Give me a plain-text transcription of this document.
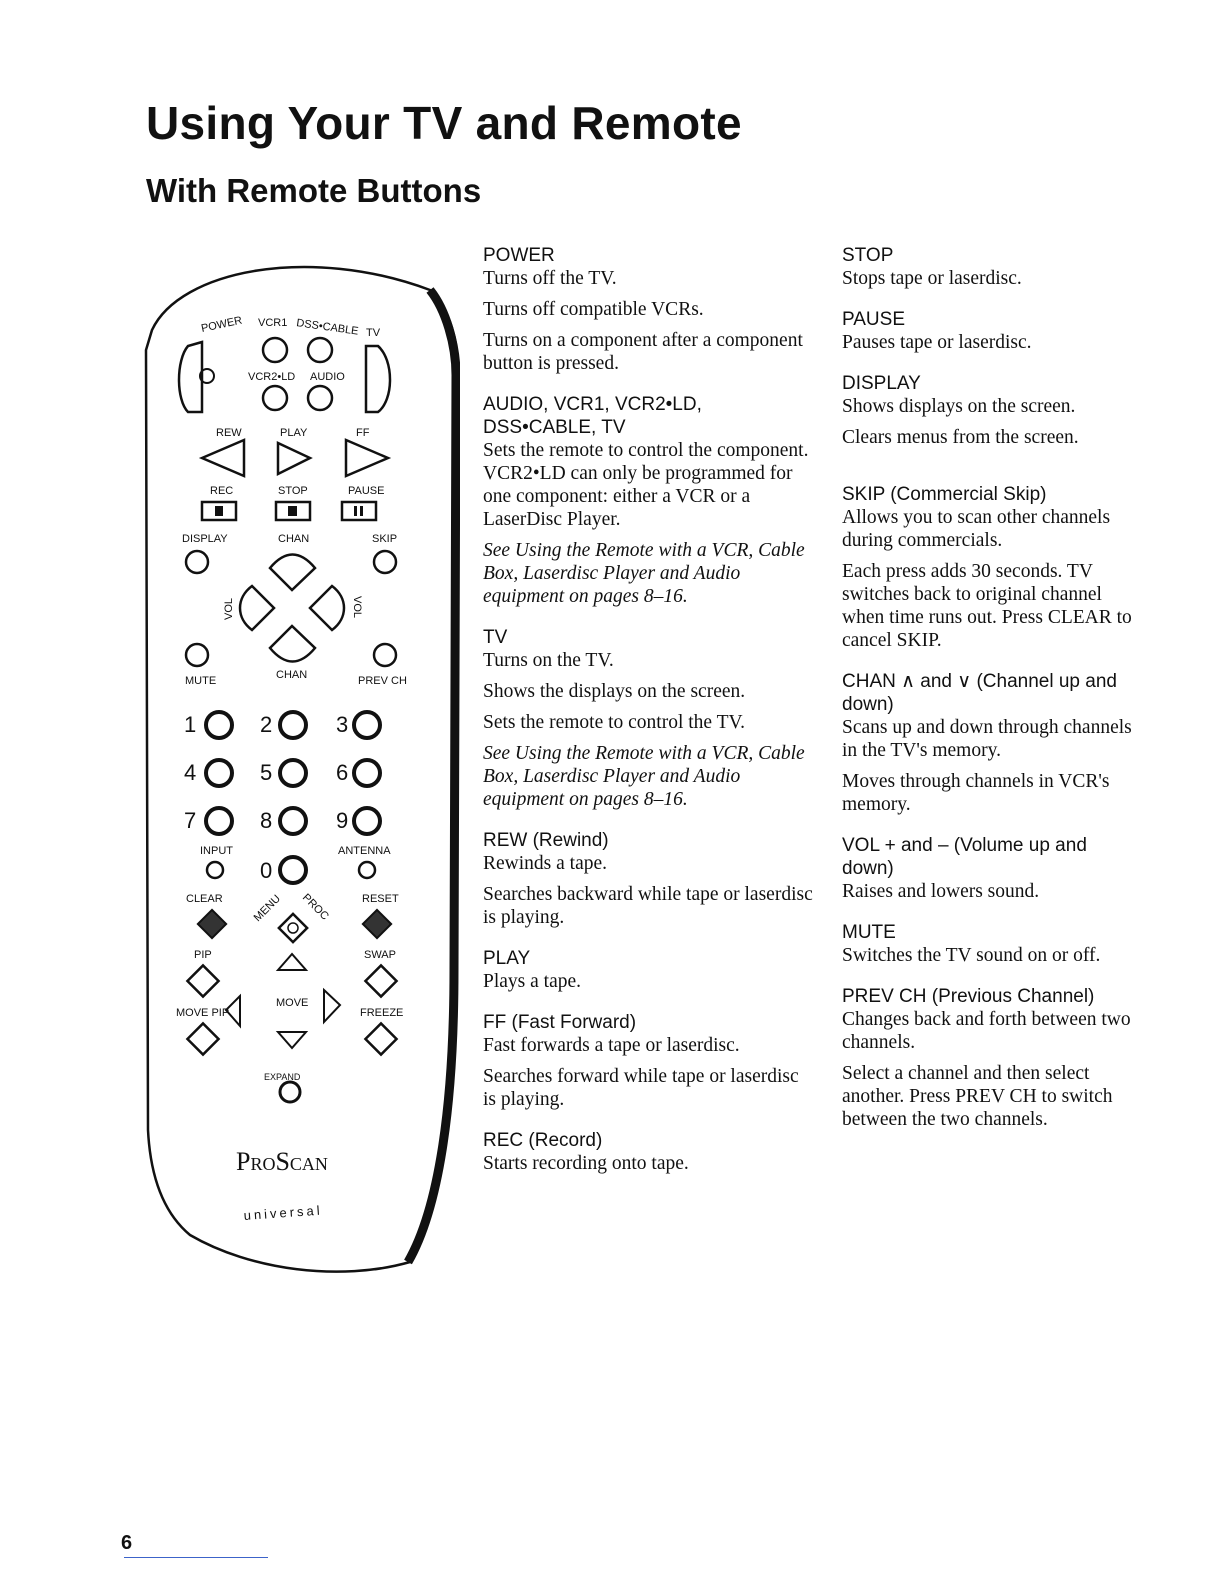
Using Your TV and Remote
With Remote Buttons
POWER VCR1 DSS•CABLE TV
VCR2•LD AUDIO
REW	PLAY	FF
REC	STOP	PAUSE
DISPLAY	CHAN	SKIP
VOL	VOL
MUTE	CHAN	PREV CH
1	2	3
4	5	6
7	8	9
INPUT	ANTENNA
0
CLEAR	MENU PROC	RESET
PIP	SWAP
MOVE PIP
MOVE
FREEZE
EXPAND
ProScan
universal
POWER

Turns off the TV.

Turns off compatible VCRs.

Turns on a component after a component button is pressed.

AUDIO, VCR1, VCR2•LD, DSS•CABLE, TV

Sets the remote to control the component. VCR2•LD can only be programmed for one component: either a VCR or a LaserDisc Player.

See Using the Remote with a VCR, Cable Box, Laserdisc Player and Audio equipment on pages 8–16.

TV

Turns on the TV.

Shows the displays on the screen.

Sets the remote to control the TV.

See Using the Remote with a VCR, Cable Box, Laserdisc Player and Audio equipment on pages 8–16.

REW (Rewind)

Rewinds a tape.

Searches backward while tape or laserdisc is playing.

PLAY

Plays a tape.

FF (Fast Forward)

Fast forwards a tape or laserdisc.

Searches forward while tape or laserdisc is playing.

REC (Record)

Starts recording onto tape.

STOP

Stops tape or laserdisc.

PAUSE

Pauses tape or laserdisc.

DISPLAY

Shows displays on the screen.

Clears menus from the screen.

SKIP (Commercial Skip)

Allows you to scan other channels during commercials.

Each press adds 30 seconds. TV switches back to original channel when time runs out. Press CLEAR to cancel SKIP.

CHAN ∧ and ∨ (Channel up and down)

Scans up and down through channels in the TV's memory.

Moves through channels in VCR's memory.

VOL + and – (Volume up and down)

Raises and lowers sound.

MUTE

Switches the TV sound on or off.

PREV CH (Previous Channel)

Changes back and forth between two channels.

Select a channel and then select another. Press PREV CH to switch between the two channels.

6
